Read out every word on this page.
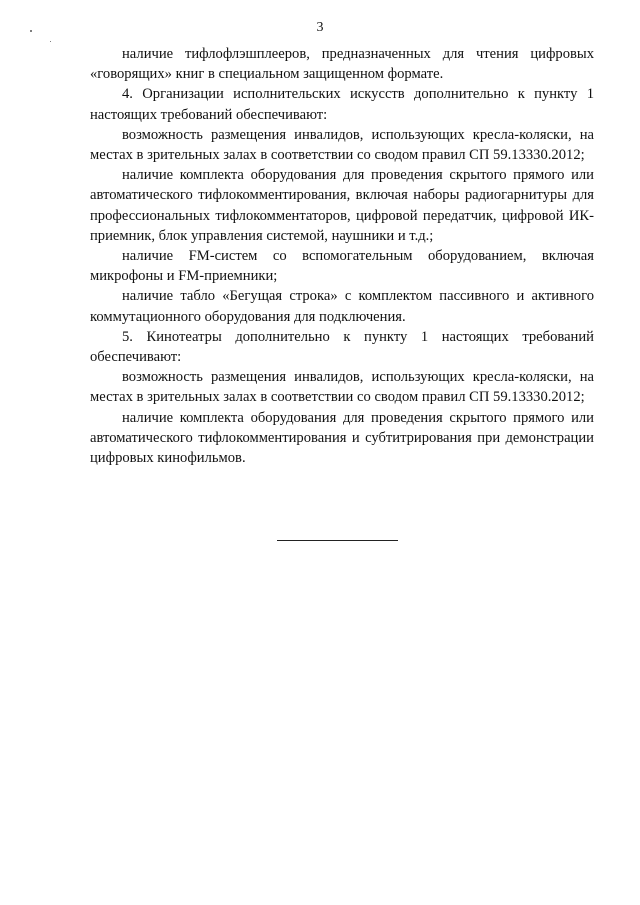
3

наличие тифлофлэшплееров, предназначенных для чтения цифровых «говорящих» книг в специальном защищенном формате.

4. Организации исполнительских искусств дополнительно к пункту 1 настоящих требований обеспечивают:

возможность размещения инвалидов, использующих кресла-коляски, на местах в зрительных залах в соответствии со сводом правил СП 59.13330.2012;

наличие комплекта оборудования для проведения скрытого прямого или автоматического тифлокомментирования, включая наборы радиогарнитуры для профессиональных тифлокомментаторов, цифровой передатчик, цифровой ИК-приемник, блок управления системой, наушники и т.д.;

наличие FM-систем со вспомогательным оборудованием, включая микрофоны и FM-приемники;

наличие табло «Бегущая строка» с комплектом пассивного и активного коммутационного оборудования для подключения.

5. Кинотеатры дополнительно к пункту 1 настоящих требований обеспечивают:

возможность размещения инвалидов, использующих кресла-коляски, на местах в зрительных залах в соответствии со сводом правил СП 59.13330.2012;

наличие комплекта оборудования для проведения скрытого прямого или автоматического тифлокомментирования и субтитрирования при демонстрации цифровых кинофильмов.
